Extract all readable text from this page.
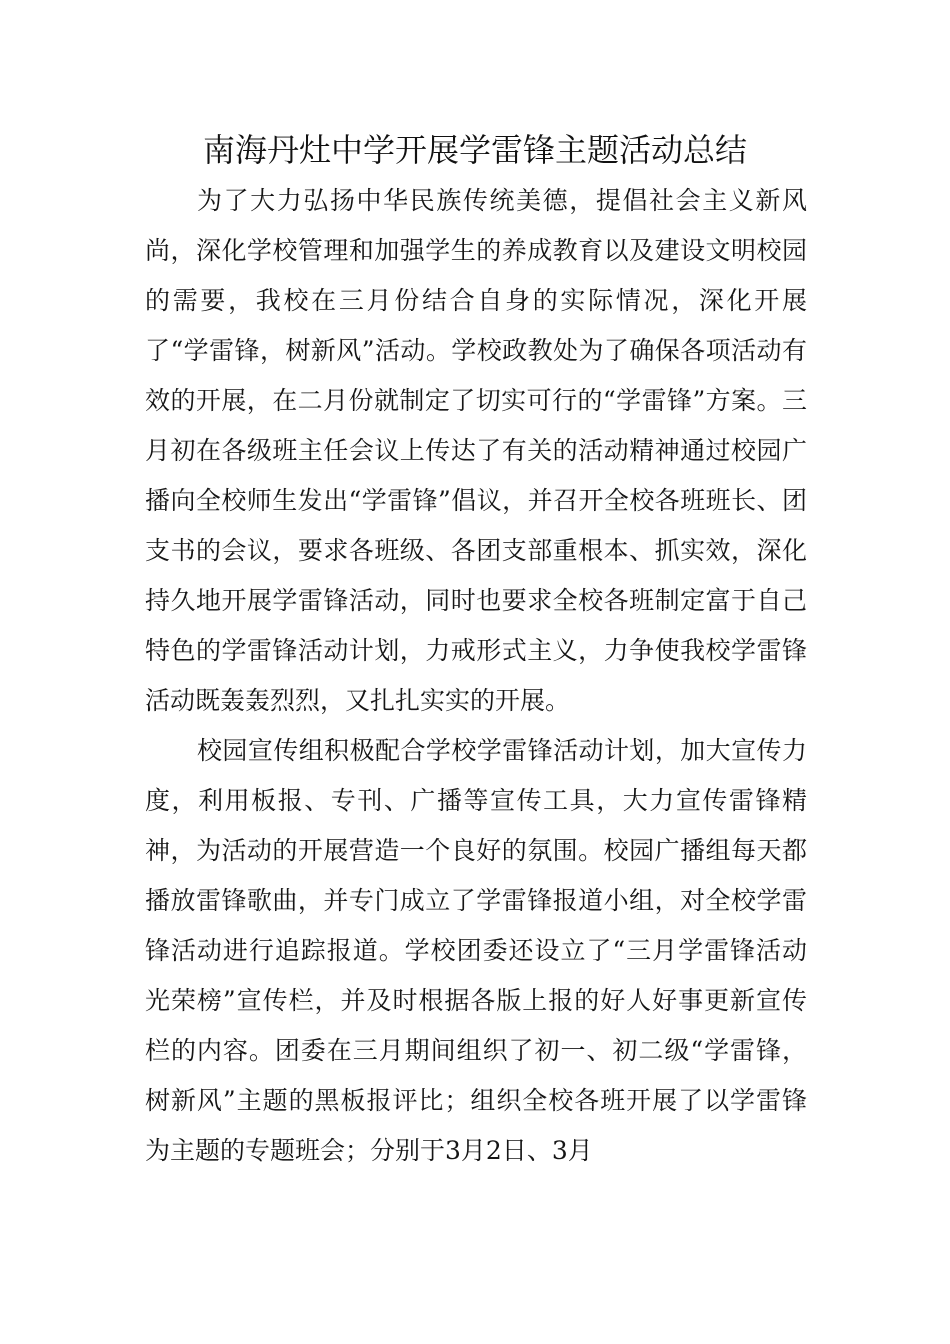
南海丹灶中学开展学雷锋主题活动总结

为了大力弘扬中华民族传统美德，提倡社会主义新风尚，深化学校管理和加强学生的养成教育以及建设文明校园的需要，我校在三月份结合自身的实际情况，深化开展了“学雷锋，树新风”活动。学校政教处为了确保各项活动有效的开展，在二月份就制定了切实可行的“学雷锋”方案。三月初在各级班主任会议上传达了有关的活动精神通过校园广播向全校师生发出“学雷锋”倡议，并召开全校各班班长、团支书的会议，要求各班级、各团支部重根本、抓实效，深化持久地开展学雷锋活动，同时也要求全校各班制定富于自己特色的学雷锋活动计划，力戒形式主义，力争使我校学雷锋活动既轰轰烈烈，又扎扎实实的开展。

校园宣传组积极配合学校学雷锋活动计划，加大宣传力度，利用板报、专刊、广播等宣传工具，大力宣传雷锋精神，为活动的开展营造一个良好的氛围。校园广播组每天都播放雷锋歌曲，并专门成立了学雷锋报道小组，对全校学雷锋活动进行追踪报道。学校团委还设立了“三月学雷锋活动光荣榜”宣传栏，并及时根据各版上报的好人好事更新宣传栏的内容。团委在三月期间组织了初一、初二级“学雷锋，树新风”主题的黑板报评比；组织全校各班开展了以学雷锋为主题的专题班会；分别于3月2日、3月
